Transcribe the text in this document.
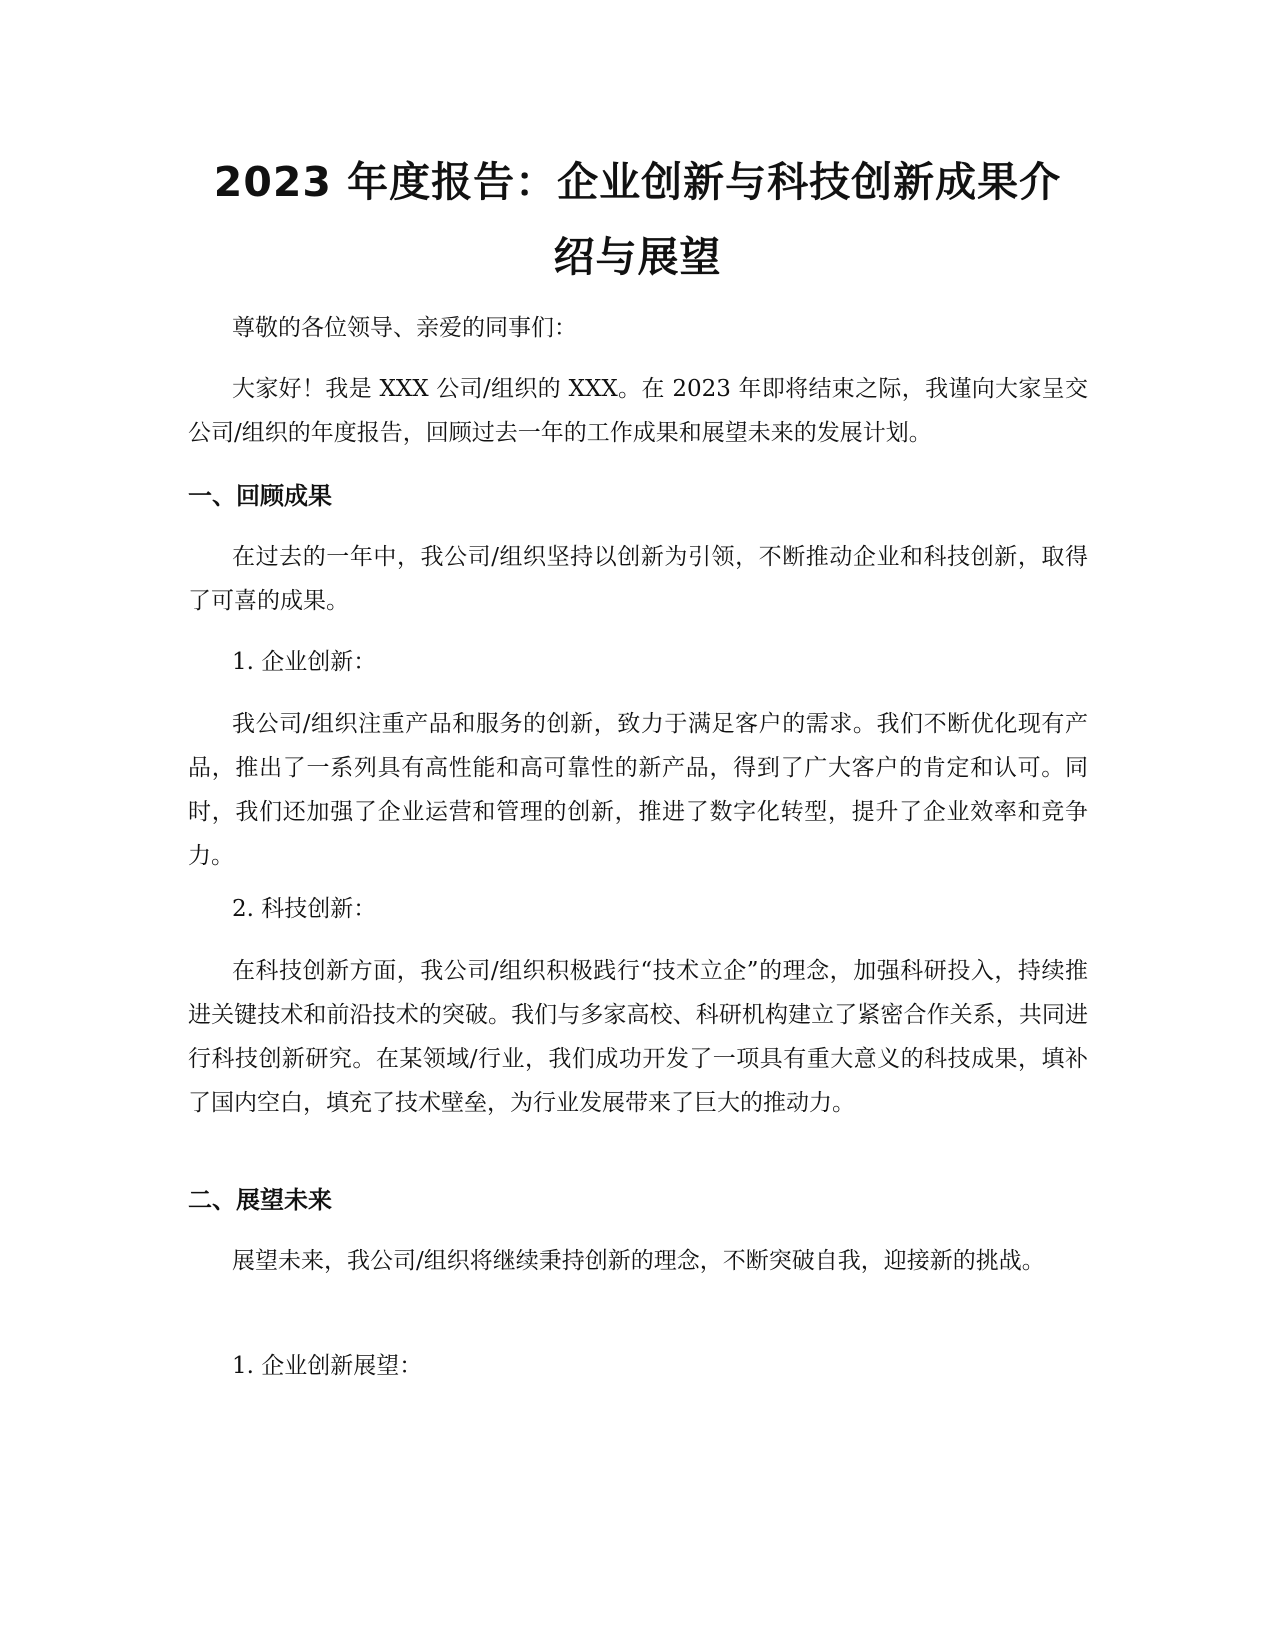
2023 年度报告：企业创新与科技创新成果介
绍与展望

尊敬的各位领导、亲爱的同事们：

大家好！我是 XXX 公司/组织的 XXX。在 2023 年即将结束之际，我谨向大家呈交公司/组织的年度报告，回顾过去一年的工作成果和展望未来的发展计划。

一、回顾成果

在过去的一年中，我公司/组织坚持以创新为引领，不断推动企业和科技创新，取得了可喜的成果。

1. 企业创新：

我公司/组织注重产品和服务的创新，致力于满足客户的需求。我们不断优化现有产品，推出了一系列具有高性能和高可靠性的新产品，得到了广大客户的肯定和认可。同时，我们还加强了企业运营和管理的创新，推进了数字化转型，提升了企业效率和竞争力。

2. 科技创新：

在科技创新方面，我公司/组织积极践行“技术立企”的理念，加强科研投入，持续推进关键技术和前沿技术的突破。我们与多家高校、科研机构建立了紧密合作关系，共同进行科技创新研究。在某领域/行业，我们成功开发了一项具有重大意义的科技成果，填补了国内空白，填充了技术壁垒，为行业发展带来了巨大的推动力。

二、展望未来

展望未来，我公司/组织将继续秉持创新的理念，不断突破自我，迎接新的挑战。

1. 企业创新展望：
